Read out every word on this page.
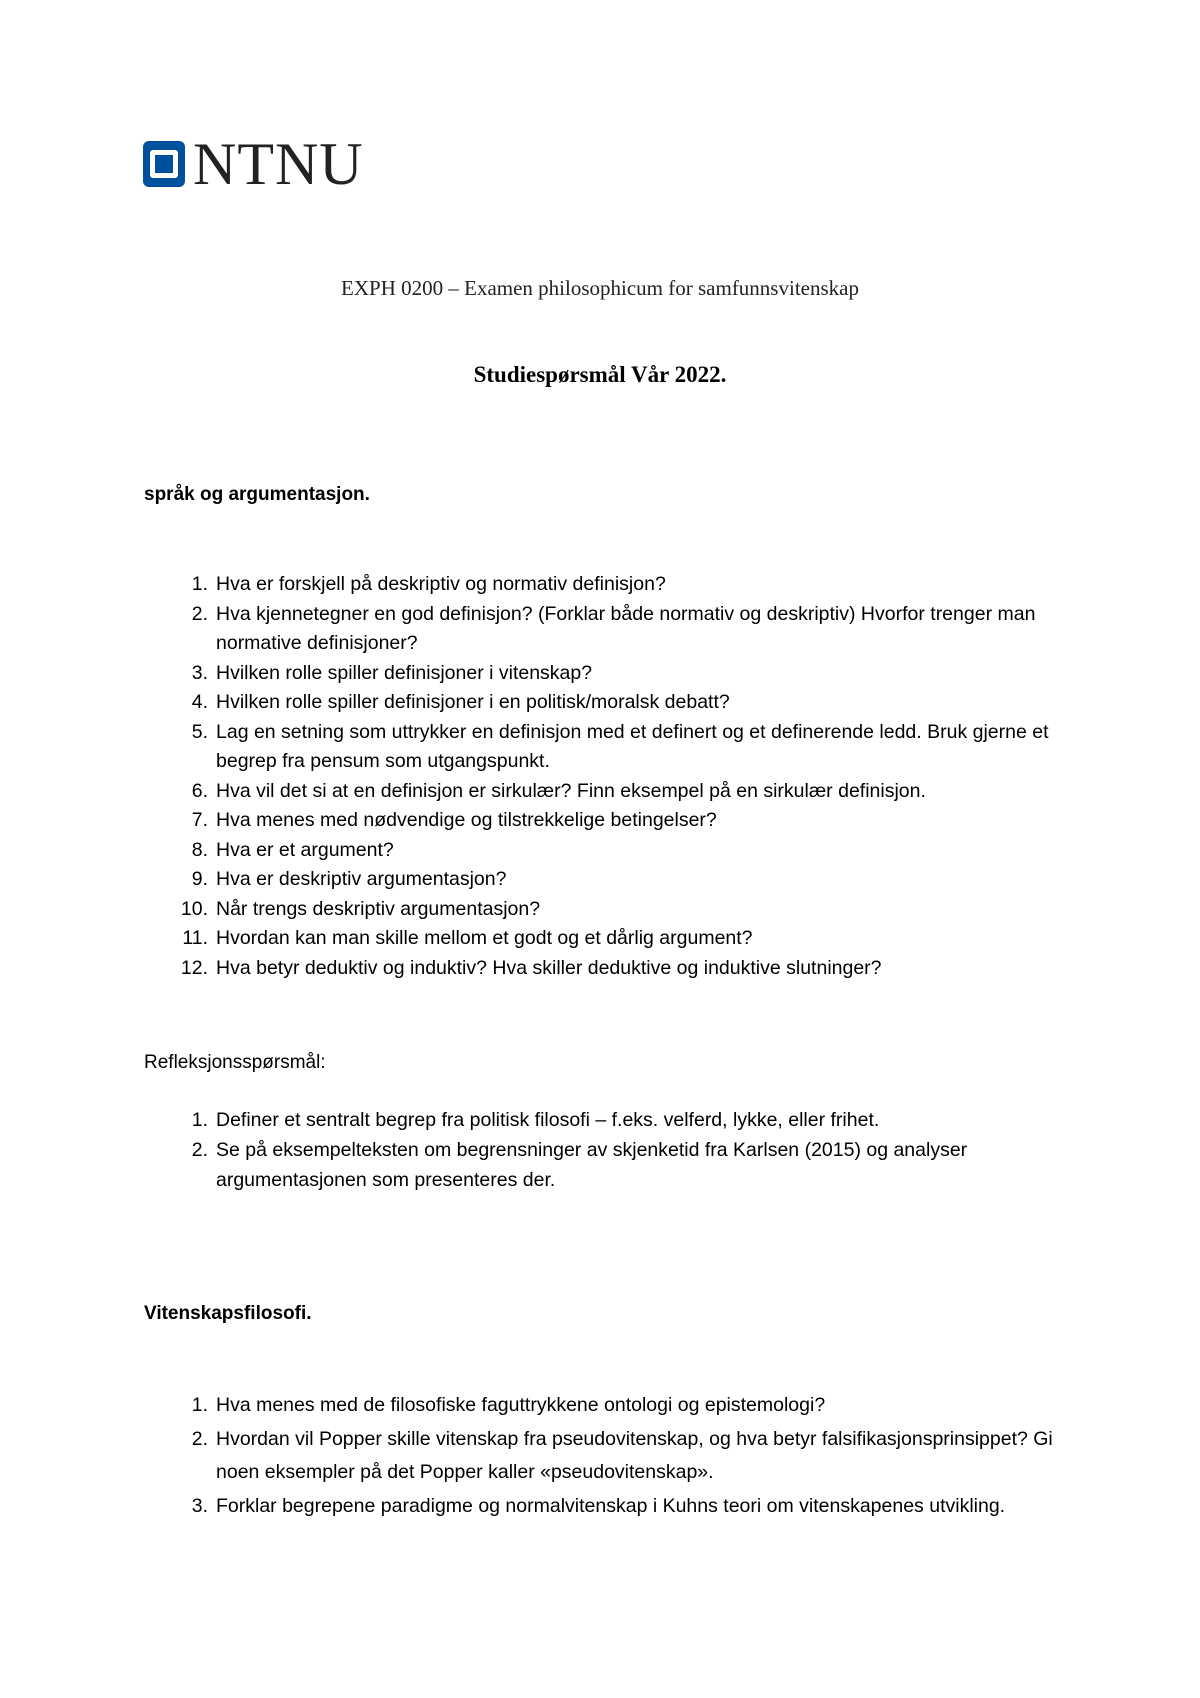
NTNU
EXPH 0200 – Examen philosophicum for samfunnsvitenskap
Studiespørsmål Vår 2022.
språk og argumentasjon.
1. Hva er forskjell på deskriptiv og normativ definisjon?
2. Hva kjennetegner en god definisjon? (Forklar både normativ og deskriptiv) Hvorfor trenger man normative definisjoner?
3. Hvilken rolle spiller definisjoner i vitenskap?
4. Hvilken rolle spiller definisjoner i en politisk/moralsk debatt?
5. Lag en setning som uttrykker en definisjon med et definert og et definerende ledd. Bruk gjerne et begrep fra pensum som utgangspunkt.
6. Hva vil det si at en definisjon er sirkulær? Finn eksempel på en sirkulær definisjon.
7. Hva menes med nødvendige og tilstrekkelige betingelser?
8. Hva er et argument?
9. Hva er deskriptiv argumentasjon?
10. Når trengs deskriptiv argumentasjon?
11. Hvordan kan man skille mellom et godt og et dårlig argument?
12. Hva betyr deduktiv og induktiv? Hva skiller deduktive og induktive slutninger?
Refleksjonsspørsmål:
1. Definer et sentralt begrep fra politisk filosofi – f.eks. velferd, lykke, eller frihet.
2. Se på eksempelteksten om begrensninger av skjenketid fra Karlsen (2015) og analyser argumentasjonen som presenteres der.
Vitenskapsfilosofi.
1. Hva menes med de filosofiske faguttrykkene ontologi og epistemologi?
2. Hvordan vil Popper skille vitenskap fra pseudovitenskap, og hva betyr falsifikasjonsprinsippet? Gi noen eksempler på det Popper kaller «pseudovitenskap».
3. Forklar begrepene paradigme og normalvitenskap i Kuhns teori om vitenskapenes utvikling.
